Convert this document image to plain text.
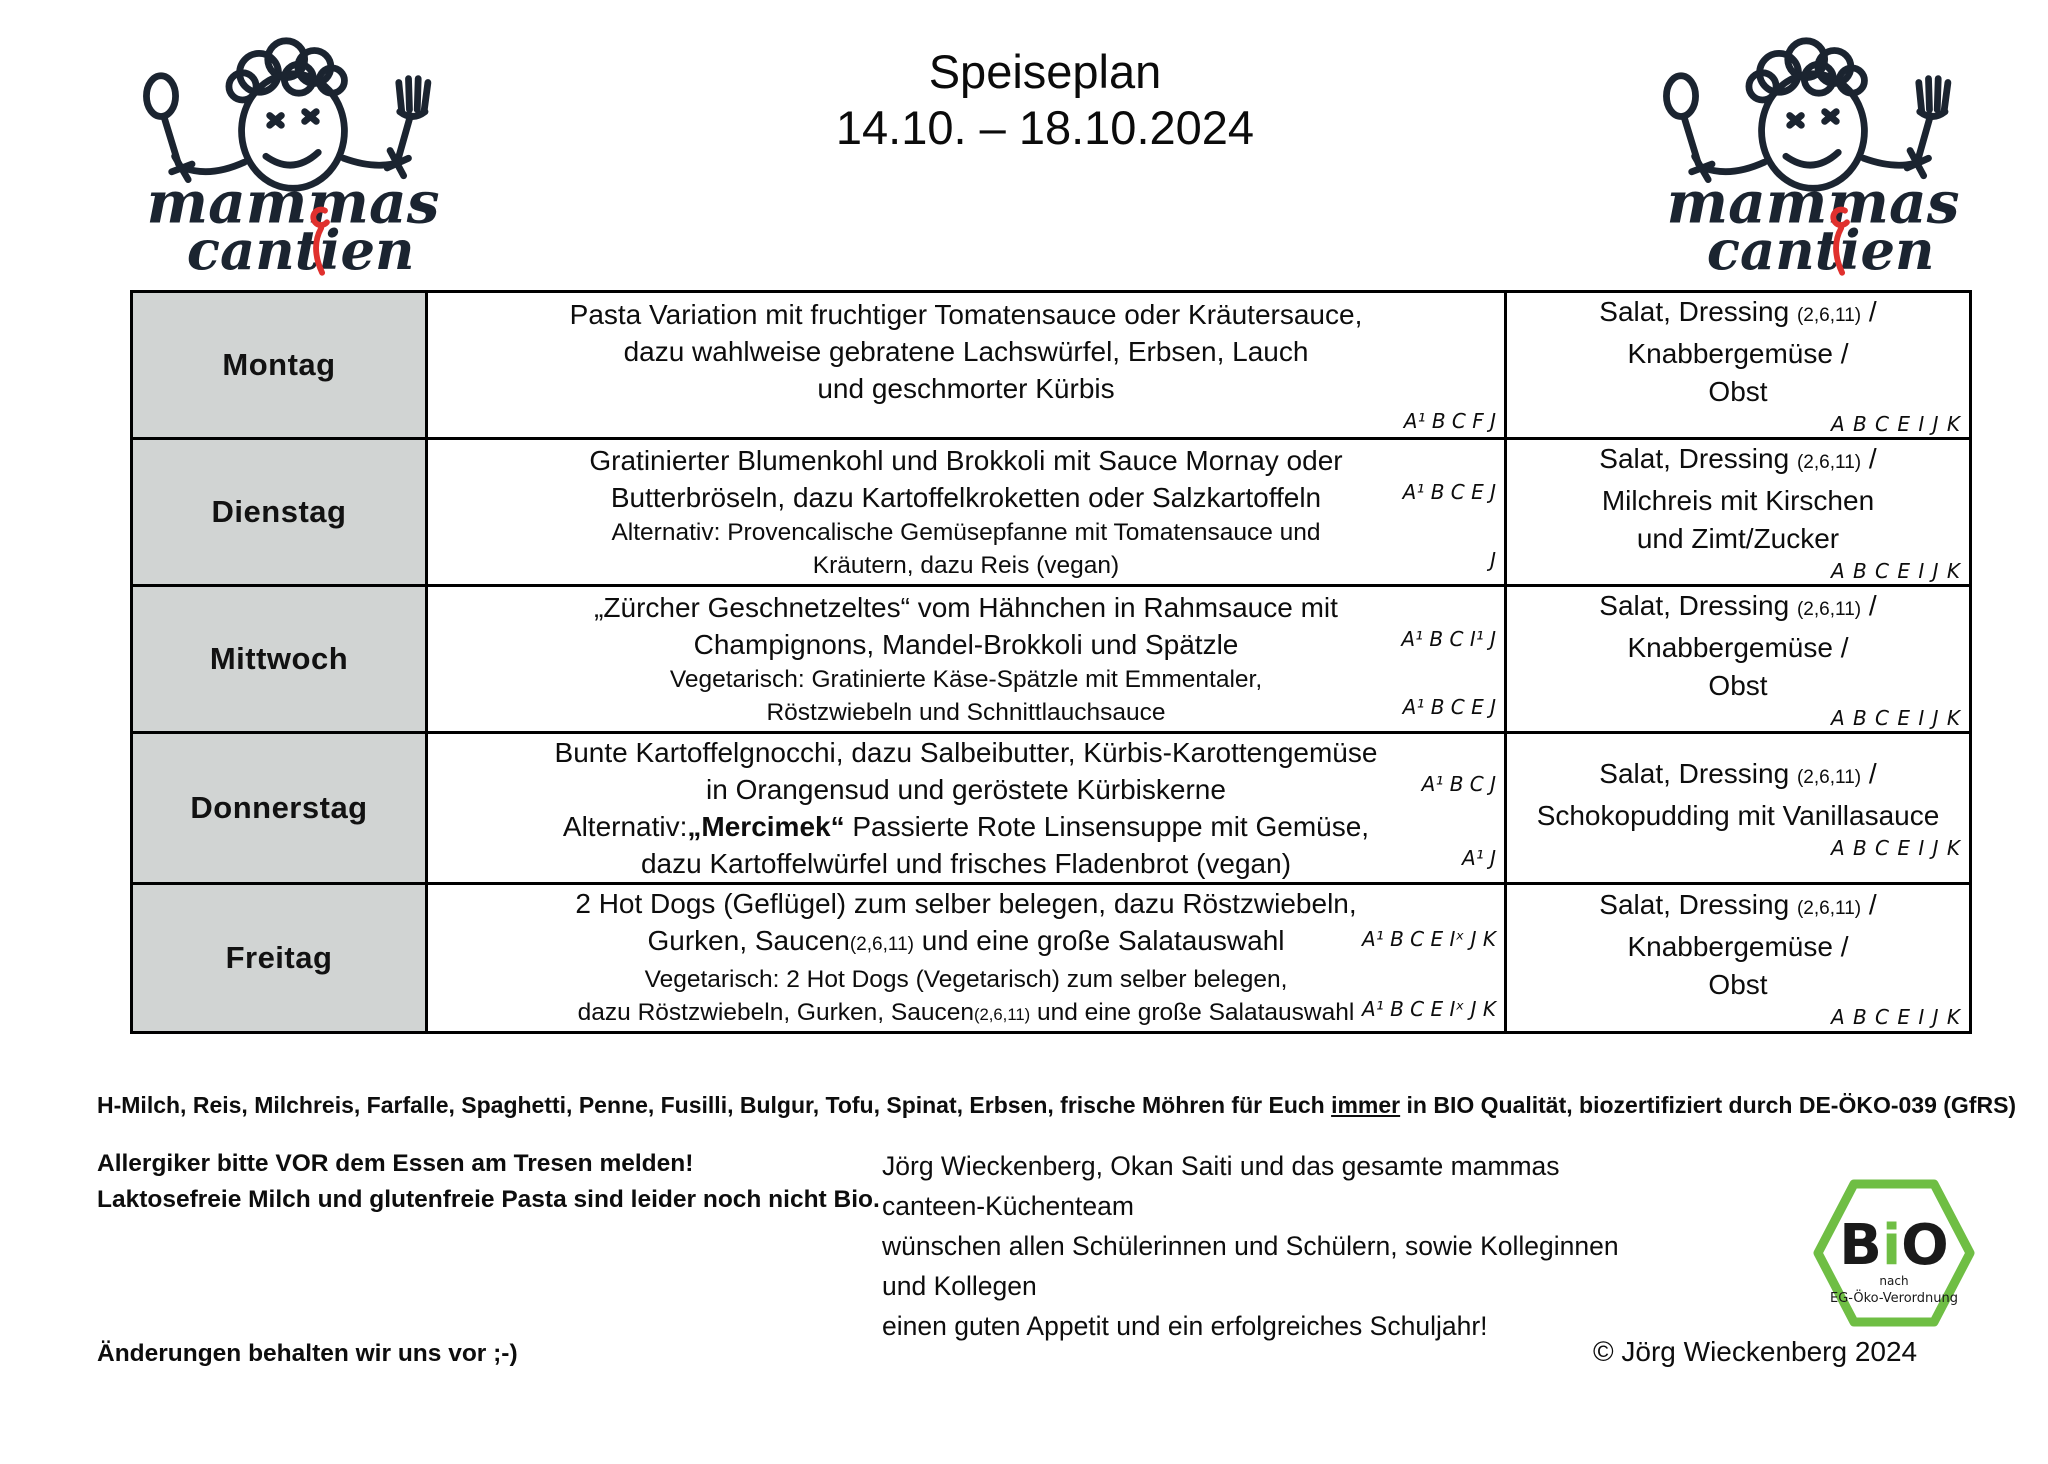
Speiseplan
14.10. – 18.10.2024
Montag	
Pasta Variation mit fruchtiger Tomatensauce oder Kräutersauce,
dazu wahlweise gebratene Lachswürfel, Erbsen, Lauch
und geschmorter Kürbis
A¹ B C F J

Salat, Dressing (2,6,11) /
Knabbergemüse /
Obst
A B C E I J K

Dienstag	
Gratinierter Blumenkohl und Brokkoli mit Sauce Mornay oder
Butterbröseln, dazu Kartoffelkroketten oder Salzkartoffeln	A¹ B C E J
Alternativ: Provencalische Gemüsepfanne mit Tomatensauce und
Kräutern, dazu Reis (vegan)	J

Salat, Dressing (2,6,11) /
Milchreis mit Kirschen
und Zimt/Zucker
A B C E I J K

Mittwoch	
„Zürcher Geschnetzeltes“ vom Hähnchen in Rahmsauce mit
Champignons, Mandel-Brokkoli und Spätzle	A¹ B C I¹ J
Vegetarisch: Gratinierte Käse-Spätzle mit Emmentaler,
Röstzwiebeln und Schnittlauchsauce	A¹ B C E J

Salat, Dressing (2,6,11) /
Knabbergemüse /
Obst
A B C E I J K

Donnerstag	
Bunte Kartoffelgnocchi, dazu Salbeibutter, Kürbis-Karottengemüse
in Orangensud und geröstete Kürbiskerne	A¹ B C J
Alternativ:„Mercimek“ Passierte Rote Linsensuppe mit Gemüse,
dazu Kartoffelwürfel und frisches Fladenbrot (vegan)	A¹ J

Salat, Dressing (2,6,11) /
Schokopudding mit Vanillasauce
A B C E I J K

Freitag	
2 Hot Dogs (Geflügel) zum selber belegen, dazu Röstzwiebeln,
Gurken, Saucen(2,6,11) und eine große Salatauswahl	A¹ B C E Iˣ J K
Vegetarisch: 2 Hot Dogs (Vegetarisch) zum selber belegen,
dazu Röstzwiebeln, Gurken, Saucen(2,6,11) und eine große Salatauswahl A¹ B C E Iˣ J K

Salat, Dressing (2,6,11) /
Knabbergemüse /
Obst
A B C E I J K
H-Milch, Reis, Milchreis, Farfalle, Spaghetti, Penne, Fusilli, Bulgur, Tofu, Spinat, Erbsen, frische Möhren für Euch immer in BIO Qualität, biozertifiziert durch DE-ÖKO-039 (GfRS)
Allergiker bitte VOR dem Essen am Tresen melden!
Laktosefreie Milch und glutenfreie Pasta sind leider noch nicht Bio.
Jörg Wieckenberg, Okan Saiti und das gesamte mammas canteen-Küchenteam
wünschen allen Schülerinnen und Schülern, sowie Kolleginnen und Kollegen
einen guten Appetit und ein erfolgreiches Schuljahr!
BiO
nach
EG-Öko-Verordnung
Änderungen behalten wir uns vor ;-)	© Jörg Wieckenberg 2024
